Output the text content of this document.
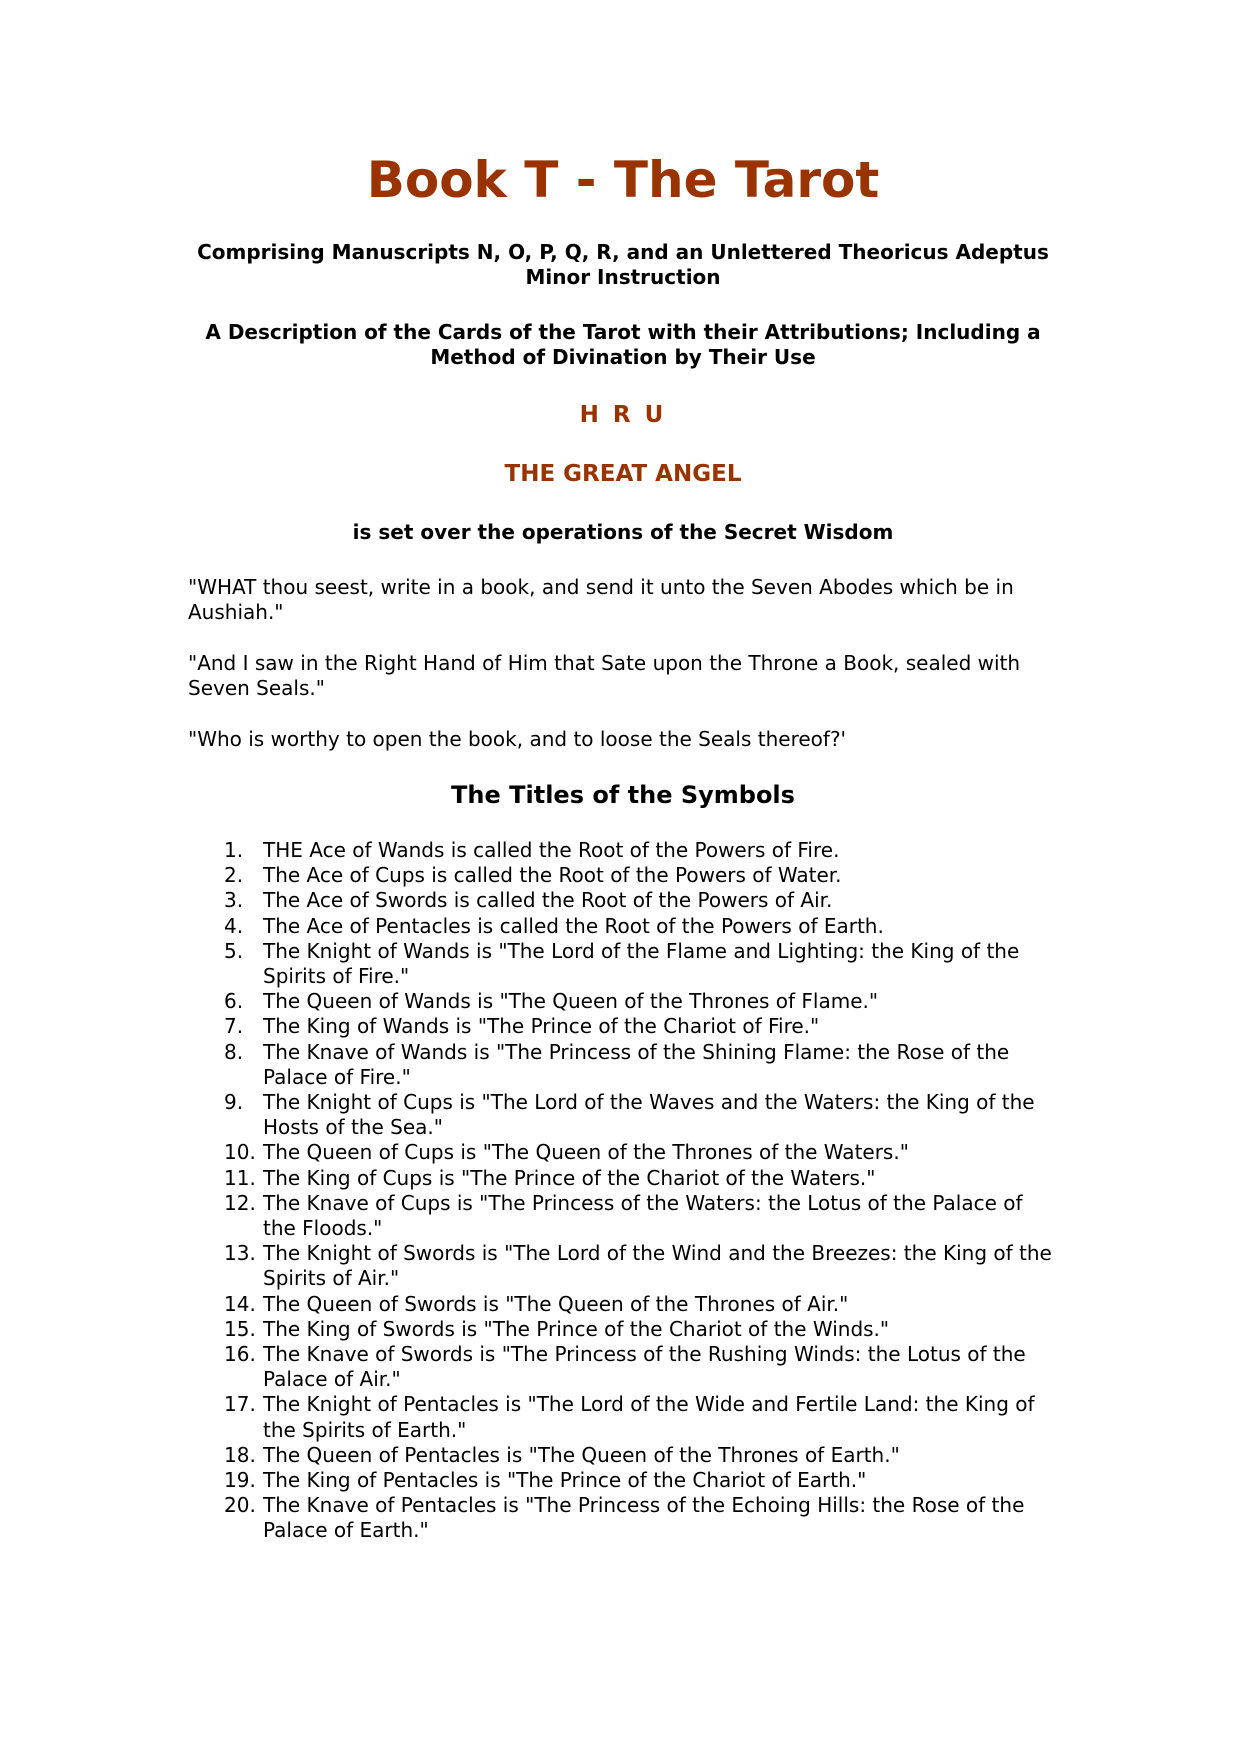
Book T - The Tarot
Comprising Manuscripts N, O, P, Q, R, and an Unlettered Theoricus Adeptus Minor Instruction
A Description of the Cards of the Tarot with their Attributions; Including a Method of Divination by Their Use
H R U
THE GREAT ANGEL
is set over the operations of the Secret Wisdom
"WHAT thou seest, write in a book, and send it unto the Seven Abodes which be in Aushiah."
"And I saw in the Right Hand of Him that Sate upon the Throne a Book, sealed with Seven Seals."
"Who is worthy to open the book, and to loose the Seals thereof?'
The Titles of the Symbols
1. THE Ace of Wands is called the Root of the Powers of Fire.
2. The Ace of Cups is called the Root of the Powers of Water.
3. The Ace of Swords is called the Root of the Powers of Air.
4. The Ace of Pentacles is called the Root of the Powers of Earth.
5. The Knight of Wands is "The Lord of the Flame and Lighting: the King of the Spirits of Fire."
6. The Queen of Wands is "The Queen of the Thrones of Flame."
7. The King of Wands is "The Prince of the Chariot of Fire."
8. The Knave of Wands is "The Princess of the Shining Flame: the Rose of the Palace of Fire."
9. The Knight of Cups is "The Lord of the Waves and the Waters: the King of the Hosts of the Sea."
10. The Queen of Cups is "The Queen of the Thrones of the Waters."
11. The King of Cups is "The Prince of the Chariot of the Waters."
12. The Knave of Cups is "The Princess of the Waters: the Lotus of the Palace of the Floods."
13. The Knight of Swords is "The Lord of the Wind and the Breezes: the King of the Spirits of Air."
14. The Queen of Swords is "The Queen of the Thrones of Air."
15. The King of Swords is "The Prince of the Chariot of the Winds."
16. The Knave of Swords is "The Princess of the Rushing Winds: the Lotus of the Palace of Air."
17. The Knight of Pentacles is "The Lord of the Wide and Fertile Land: the King of the Spirits of Earth."
18. The Queen of Pentacles is "The Queen of the Thrones of Earth."
19. The King of Pentacles is "The Prince of the Chariot of Earth."
20. The Knave of Pentacles is "The Princess of the Echoing Hills: the Rose of the Palace of Earth."
